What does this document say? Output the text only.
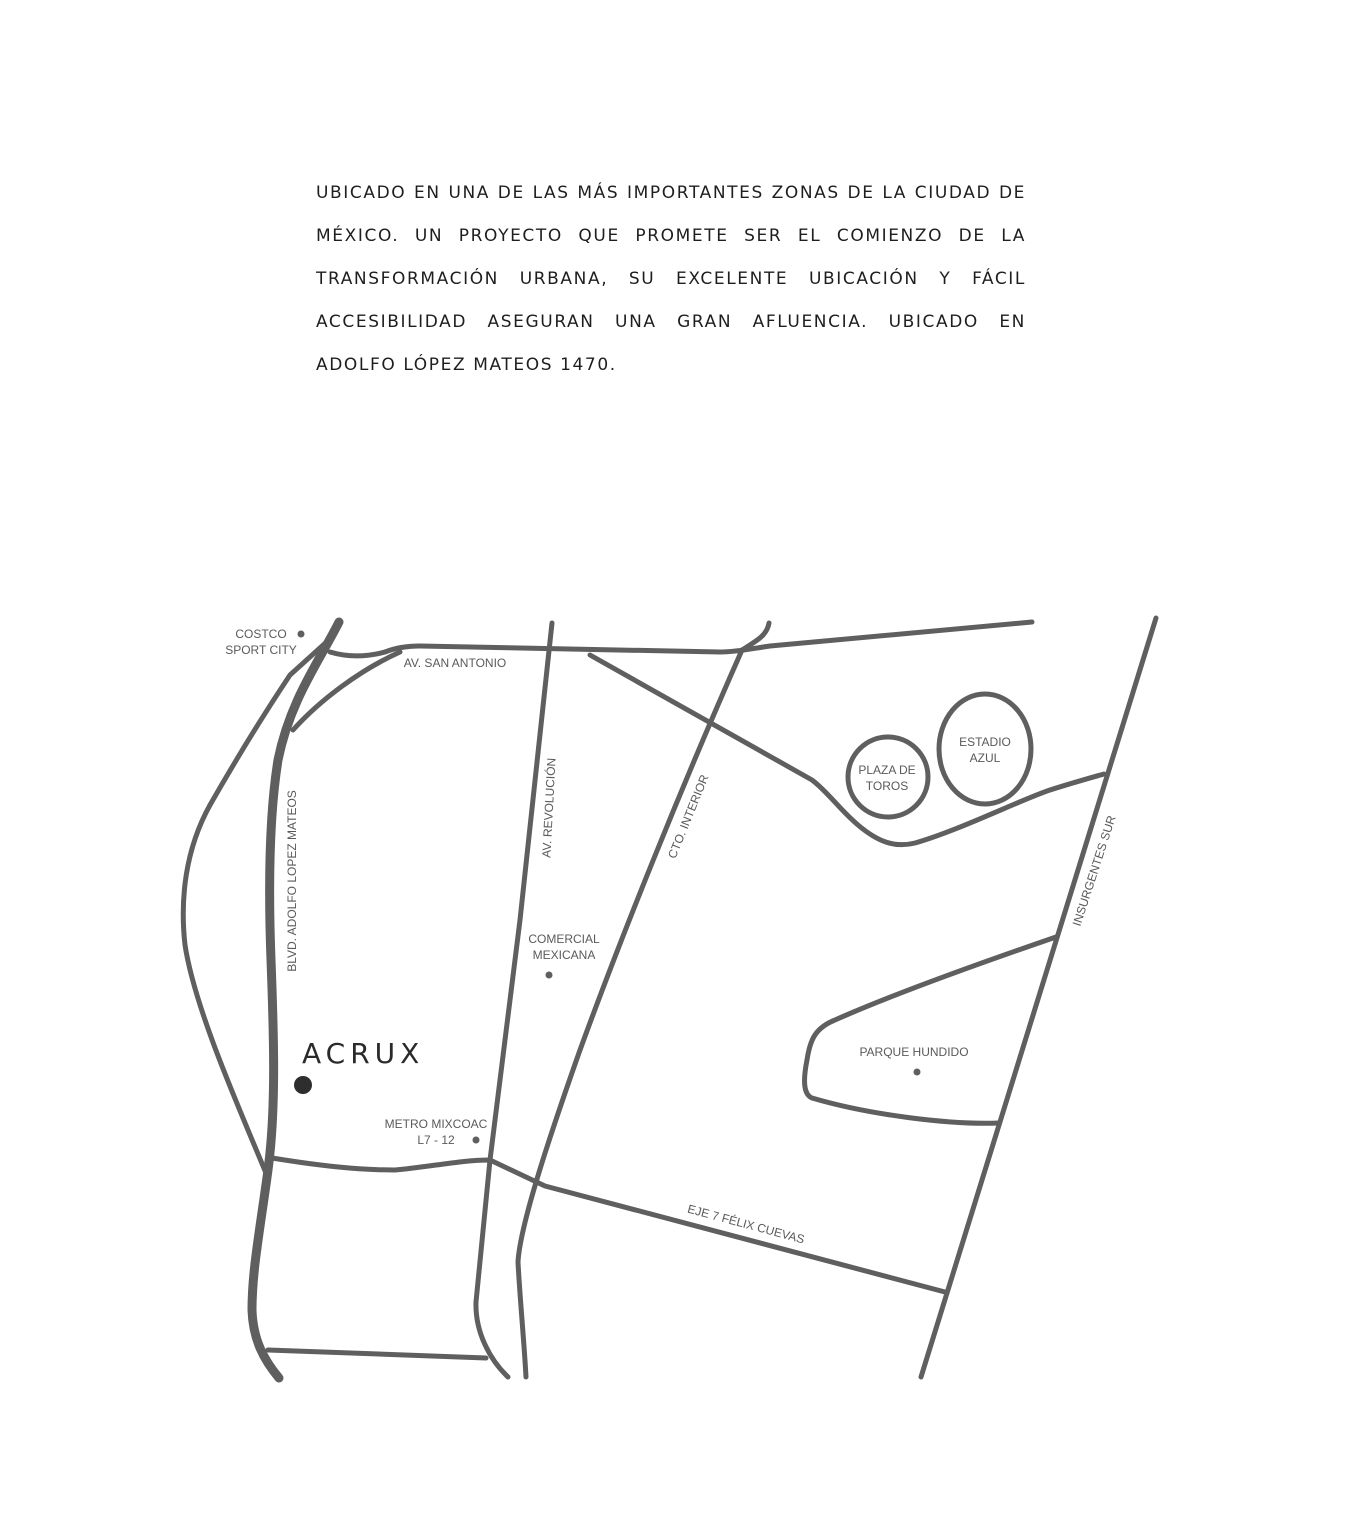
UBICADO EN UNA DE LAS MÁS IMPORTANTES ZONAS DE LA CIUDAD DE MÉXICO. UN PROYECTO QUE PROMETE SER EL COMIENZO DE LA TRANSFORMACIÓN URBANA, SU EXCELENTE UBICACIÓN Y FÁCIL ACCESIBILIDAD ASEGURAN UNA GRAN AFLUENCIA. UBICADO EN ADOLFO LÓPEZ MATEOS 1470.

COSTCO
SPORT CITY
AV. SAN ANTONIO
BLVD. ADOLFO LOPEZ MATEOS	AV. REVOLUCIÓN	CTO. INTERIOR	INSURGENTES SUR
EJE 7 FÉLIX CUEVAS
PLAZA DE
TOROS
ESTADIO
AZUL
COMERCIAL
MEXICANA
PARQUE HUNDIDO
METRO MIXCOAC
L7 - 12
ACRUX
